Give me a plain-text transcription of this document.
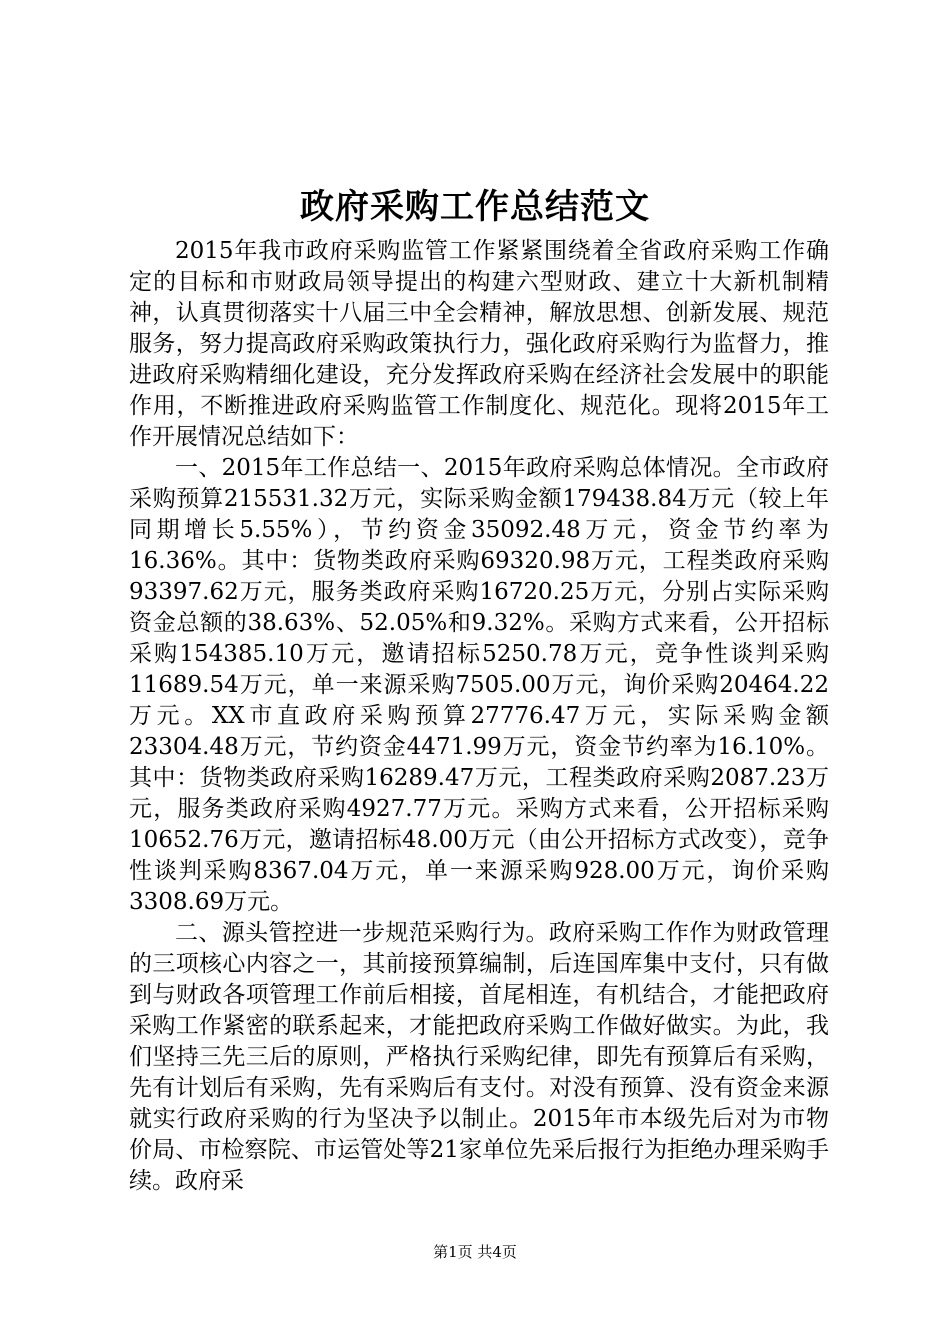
政府采购工作总结范文

2015年我市政府采购监管工作紧紧围绕着全省政府采购工作确定的目标和市财政局领导提出的构建六型财政、建立十大新机制精神，认真贯彻落实十八届三中全会精神，解放思想、创新发展、规范服务，努力提高政府采购政策执行力，强化政府采购行为监督力，推进政府采购精细化建设，充分发挥政府采购在经济社会发展中的职能作用，不断推进政府采购监管工作制度化、规范化。现将2015年工作开展情况总结如下：

一、2015年工作总结一、2015年政府采购总体情况。全市政府采购预算215531.32万元，实际采购金额179438.84万元（较上年同期增长5.55%），节约资金35092.48万元，资金节约率为16.36%。其中：货物类政府采购69320.98万元，工程类政府采购93397.62万元，服务类政府采购16720.25万元，分别占实际采购资金总额的38.63%、52.05%和9.32%。采购方式来看，公开招标采购154385.10万元，邀请招标5250.78万元，竞争性谈判采购11689.54万元，单一来源采购7505.00万元，询价采购20464.22万元。XX市直政府采购预算27776.47万元，实际采购金额23304.48万元，节约资金4471.99万元，资金节约率为16.10%。其中：货物类政府采购16289.47万元，工程类政府采购2087.23万元，服务类政府采购4927.77万元。采购方式来看，公开招标采购10652.76万元，邀请招标48.00万元（由公开招标方式改变），竞争性谈判采购8367.04万元，单一来源采购928.00万元，询价采购3308.69万元。

二、源头管控进一步规范采购行为。政府采购工作作为财政管理的三项核心内容之一，其前接预算编制，后连国库集中支付，只有做到与财政各项管理工作前后相接，首尾相连，有机结合，才能把政府采购工作紧密的联系起来，才能把政府采购工作做好做实。为此，我们坚持三先三后的原则，严格执行采购纪律，即先有预算后有采购，先有计划后有采购，先有采购后有支付。对没有预算、没有资金来源就实行政府采购的行为坚决予以制止。2015年市本级先后对为市物价局、市检察院、市运管处等21家单位先采后报行为拒绝办理采购手续。政府采

第1页 共4页
